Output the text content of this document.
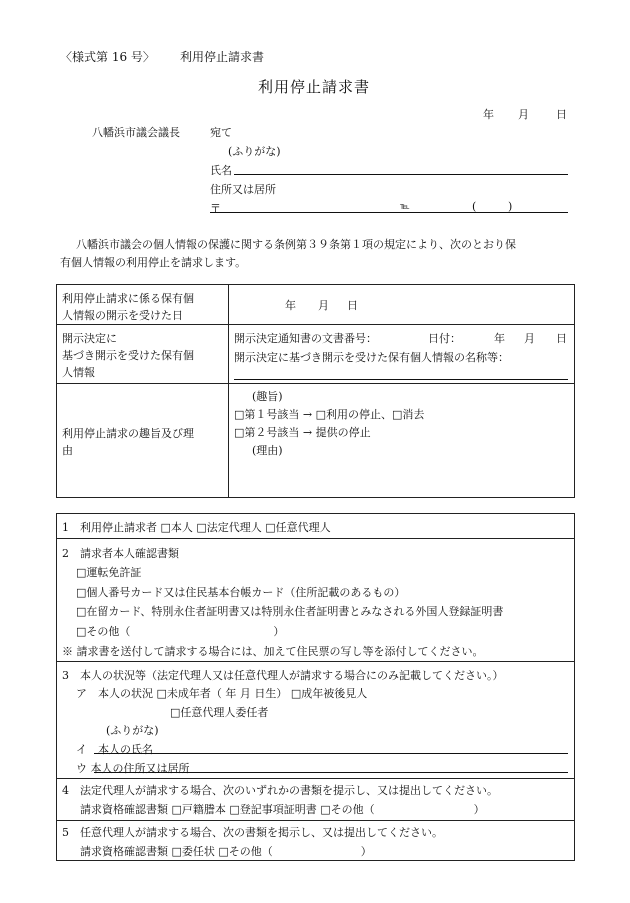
〈様式第 16 号〉 利用停止請求書
利用停止請求書
年 月 日
八幡浜市議会議長	宛て
(ふりがな)
氏名
住所又は居所
〒	℡	(	)
八幡浜市議会の個人情報の保護に関する条例第３９条第１項の規定により、次のとおり保
有個人情報の利用停止を請求します。
利用停止請求に係る保有個
人情報の開示を受けた日
年 月 日
開示決定に
基づき開示を受けた保有個
人情報
開示決定通知書の文書番号：	日付：	年 月 日
開示決定に基づき開示を受けた保有個人情報の名称等：
利用停止請求の趣旨及び理
由
(趣旨)
□第１号該当 → □利用の停止、□消去
□第２号該当 → 提供の停止
(理由)
1　利用停止請求者 □本人 □法定代理人 □任意代理人
2　請求者本人確認書類
□運転免許証
□個人番号カード又は住民基本台帳カード（住所記載のあるもの）
□在留カード、特別永住者証明書又は特別永住者証明書とみなされる外国人登録証明書
□その他（　　　　　　　　　　　　　）
※ 請求書を送付して請求する場合には、加えて住民票の写し等を添付してください。
3　本人の状況等（法定代理人又は任意代理人が請求する場合にのみ記載してください。）
ア　本人の状況 □未成年者（ 年 月 日生） □成年被後見人
□任意代理人委任者
(ふりがな)
イ　本人の氏名
ウ 本人の住所又は居所
4　法定代理人が請求する場合、次のいずれかの書類を提示し、又は提出してください。
請求資格確認書類 □戸籍謄本 □登記事項証明書 □その他（　　　　　　　　　）
5　任意代理人が請求する場合、次の書類を掲示し、又は提出してください。
請求資格確認書類 □委任状 □その他（　　　　　　　　）
